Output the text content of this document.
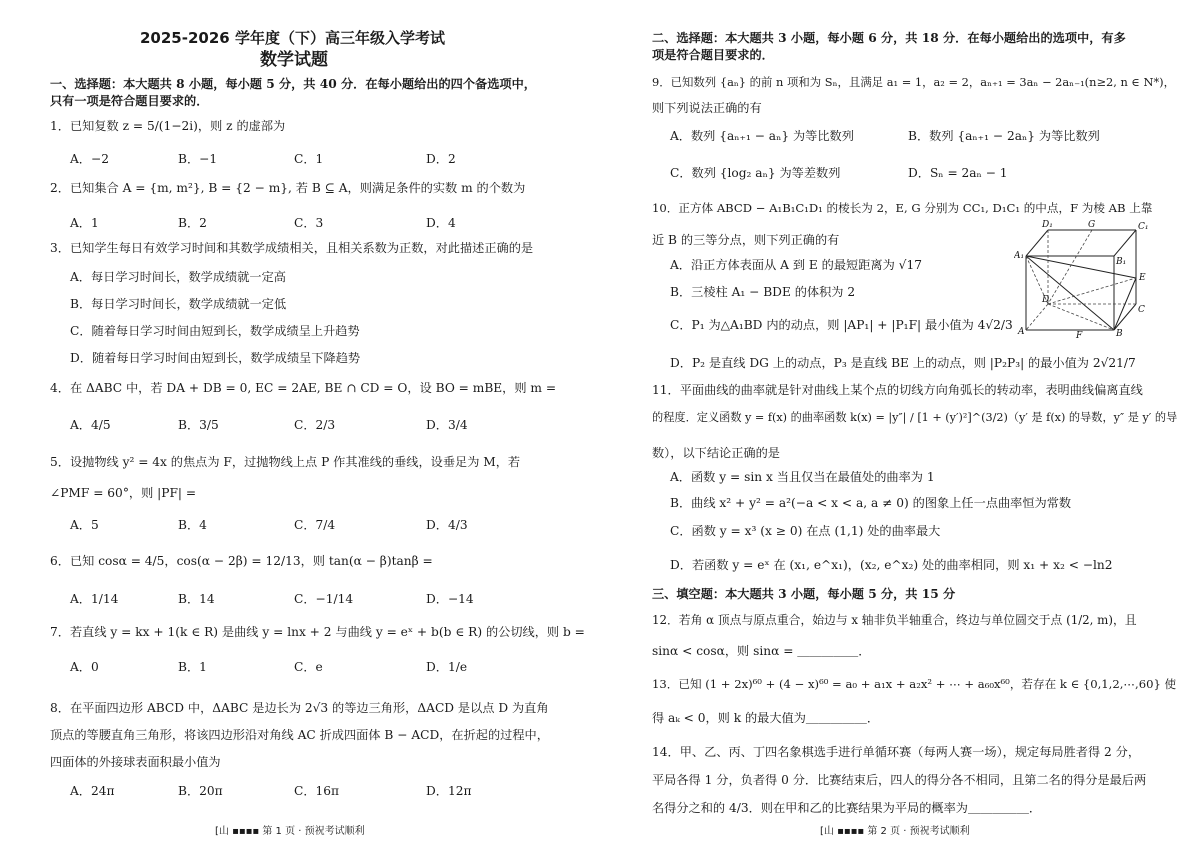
2025-2026 学年度（下）高三年级入学考试
数学试题
一、选择题：本大题共 8 小题，每小题 5 分，共 40 分．在每小题给出的四个备选项中，
只有一项是符合题目要求的．
1．已知复数 z = 5/(1−2i)，则 z 的虚部为
A．−2	B．−1	C．1	D．2
2．已知集合 A = {m, m²}, B = {2 − m}, 若 B ⊆ A，则满足条件的实数 m 的个数为
A．1	B．2	C．3	D．4
3．已知学生每日有效学习时间和其数学成绩相关，且相关系数为正数，对此描述正确的是
A．每日学习时间长，数学成绩就一定高
B．每日学习时间长，数学成绩就一定低
C．随着每日学习时间由短到长，数学成绩呈上升趋势
D．随着每日学习时间由短到长，数学成绩呈下降趋势
4．在 ΔABC 中，若 DA + DB = 0, EC = 2AE, BE ∩ CD = O，设 BO = mBE，则 m =
A．4/5	B．3/5	C．2/3	D．3/4
5．设抛物线 y² = 4x 的焦点为 F，过抛物线上点 P 作其准线的垂线，设垂足为 M，若
∠PMF = 60°，则 |PF| =
A．5	B．4	C．7/4	D．4/3
6．已知 cosα = 4/5，cos(α − 2β) = 12/13，则 tan(α − β)tanβ =
A．1/14	B．14	C．−1/14	D．−14
7．若直线 y = kx + 1(k ∈ R) 是曲线 y = lnx + 2 与曲线 y = eˣ + b(b ∈ R) 的公切线，则 b =
A．0	B．1	C．e	D．1/e
8．在平面四边形 ABCD 中，ΔABC 是边长为 2√3 的等边三角形，ΔACD 是以点 D 为直角
顶点的等腰直角三角形，将该四边形沿对角线 AC 折成四面体 B − ACD，在折起的过程中，
四面体的外接球表面积最小值为
A．24π	B．20π	C．16π	D．12π
[山 ▪▪▪▪ 第 1 页 · 预祝考试顺利
二、选择题：本大题共 3 小题，每小题 6 分，共 18 分．在每小题给出的选项中，有多
项是符合题目要求的．
9．已知数列 {aₙ} 的前 n 项和为 Sₙ，且满足 a₁ = 1，a₂ = 2，aₙ₊₁ = 3aₙ − 2aₙ₋₁(n≥2, n ∈ N*)，
则下列说法正确的有
A．数列 {aₙ₊₁ − aₙ} 为等比数列	B．数列 {aₙ₊₁ − 2aₙ} 为等比数列
C．数列 {log₂ aₙ} 为等差数列	D．Sₙ = 2aₙ − 1
10．正方体 ABCD − A₁B₁C₁D₁ 的棱长为 2，E, G 分别为 CC₁, D₁C₁ 的中点，F 为棱 AB 上靠
近 B 的三等分点，则下列正确的有
A．沿正方体表面从 A 到 E 的最短距离为 √17
B．三棱柱 A₁ − BDE 的体积为 2
C．P₁ 为△A₁BD 内的动点，则 |AP₁| + |P₁F| 最小值为 4√2/3
D．P₂ 是直线 DG 上的动点，P₃ 是直线 BE 上的动点，则 |P₂P₃| 的最小值为 2√21/7
11．平面曲线的曲率就是针对曲线上某个点的切线方向角弧长的转动率，表明曲线偏离直线
的程度．定义函数 y = f(x) 的曲率函数 k(x) = |y″| / [1 + (y′)²]^(3/2)（y′ 是 f(x) 的导数，y″ 是 y′ 的导
数），以下结论正确的是
A．函数 y = sin x 当且仅当在最值处的曲率为 1
B．曲线 x² + y² = a²(−a < x < a, a ≠ 0) 的图象上任一点曲率恒为常数
C．函数 y = x³ (x ≥ 0) 在点 (1,1) 处的曲率最大
D．若函数 y = eˣ 在 (x₁, e^x₁)，(x₂, e^x₂) 处的曲率相同，则 x₁ + x₂ < −ln2
三、填空题：本大题共 3 小题，每小题 5 分，共 15 分
12．若角 α 顶点与原点重合，始边与 x 轴非负半轴重合，终边与单位圆交于点 (1/2, m)，且
sinα < cosα，则 sinα = ＿＿＿＿＿．
13．已知 (1 + 2x)⁶⁰ + (4 − x)⁶⁰ = a₀ + a₁x + a₂x² + ⋯ + a₆₀x⁶⁰，若存在 k ∈ {0,1,2,⋯,60} 使
得 aₖ < 0，则 k 的最大值为＿＿＿＿＿．
14．甲、乙、丙、丁四名象棋选手进行单循环赛（每两人赛一场），规定每局胜者得 2 分，
平局各得 1 分，负者得 0 分．比赛结束后，四人的得分各不相同，且第二名的得分是最后两
名得分之和的 4/3．则在甲和乙的比赛结果为平局的概率为＿＿＿＿＿．
[山 ▪▪▪▪ 第 2 页 · 预祝考试顺利
D₁	G	C₁
A₁
B₁
E
D
C
A	F	B
